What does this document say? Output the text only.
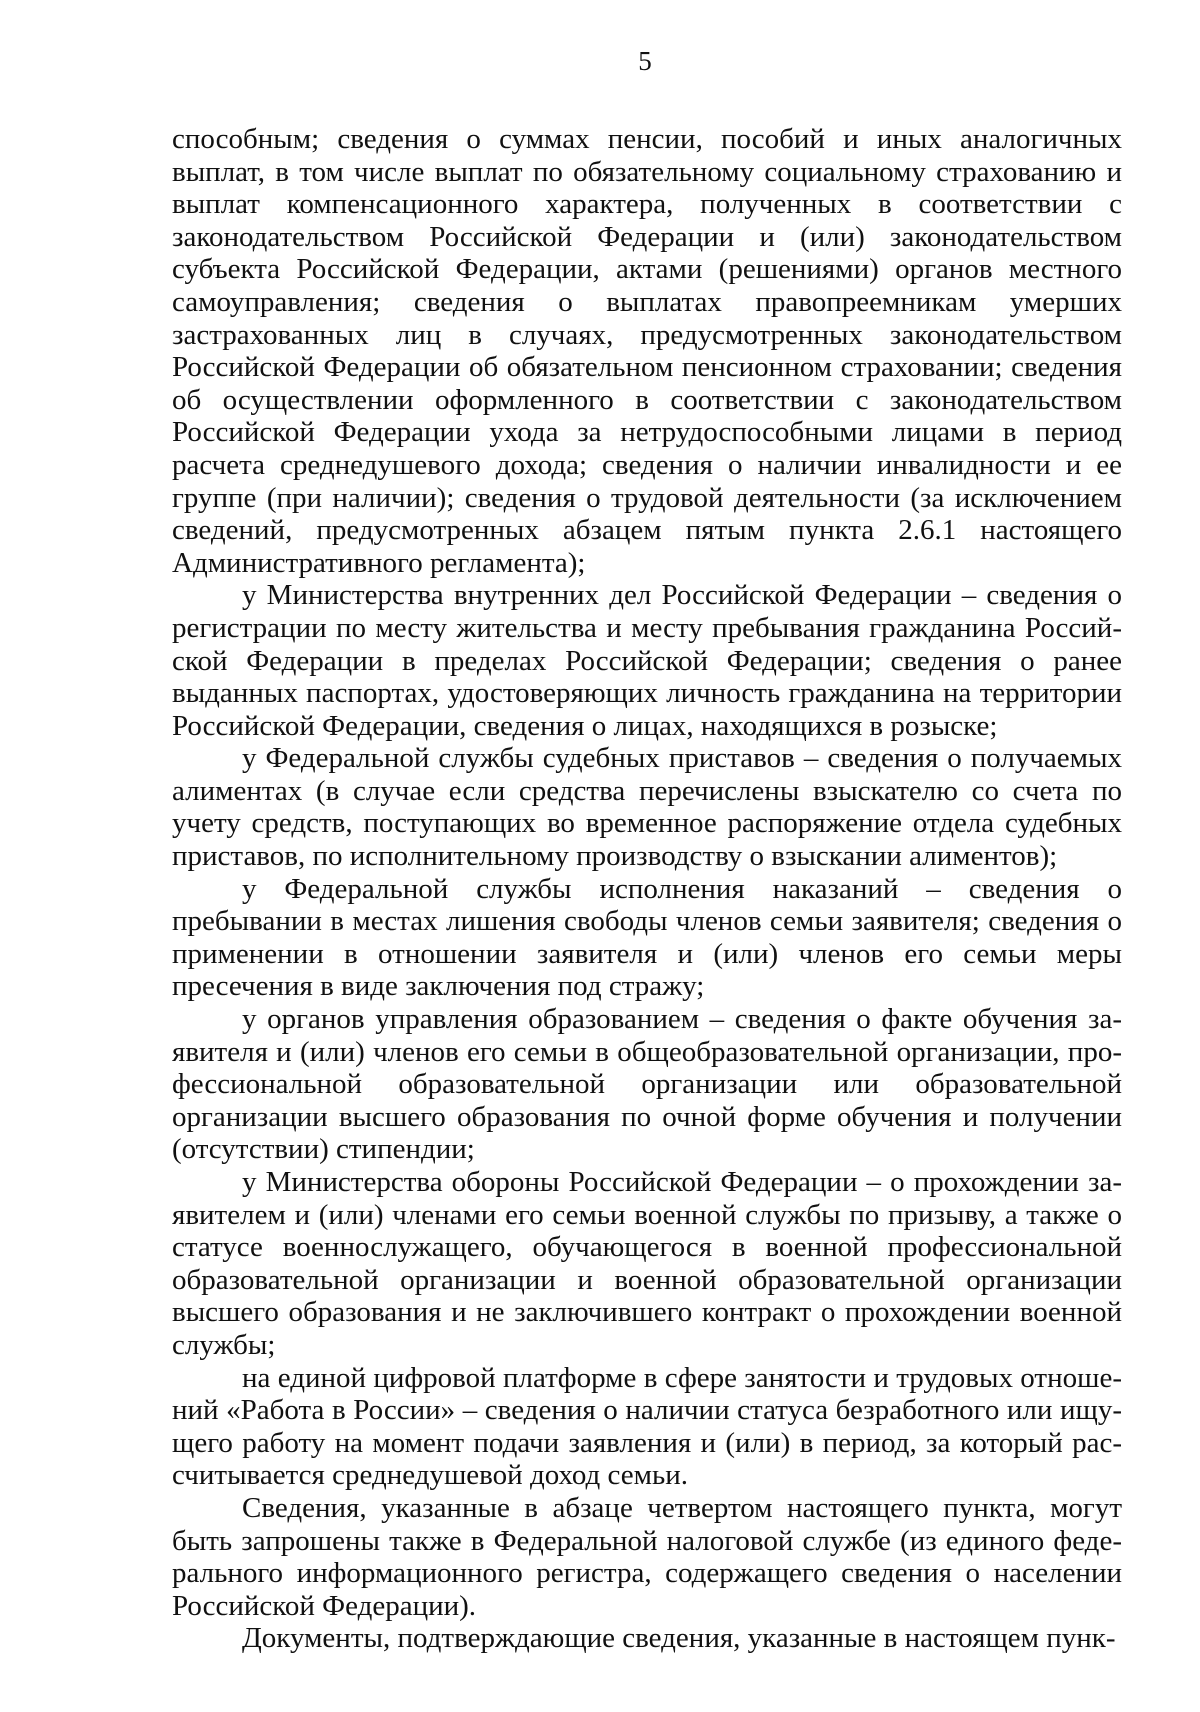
5

способным; сведения о суммах пенсии, пособий и иных аналогичных выплат, в том числе выплат по обязательному социальному страхованию и выплат компенсационного характера, полученных в соответствии с законодательством Российской Федерации и (или) законодательством субъекта Российской Федерации, актами (решениями) органов местного самоуправления; сведения о выплатах правопреемникам умерших застрахованных лиц в случаях, предусмотренных законодательством Российской Федерации об обязательном пенсионном страховании; сведения об осуществлении оформленного в соответствии с законодательством Российской Федерации ухода за нетрудоспособными лицами в период расчета среднедушевого дохода; сведения о наличии инвалидности и ее группе (при наличии); сведения о трудовой деятельности (за исключением сведений, предусмотренных абзацем пятым пункта 2.6.1 настоящего Административного регламента);

у Министерства внутренних дел Российской Федерации – сведения о регистрации по месту жительства и месту пребывания гражданина Российской Федерации в пределах Российской Федерации; сведения о ранее выданных паспортах, удостоверяющих личность гражданина на территории Российской Федерации, сведения о лицах, находящихся в розыске;

у Федеральной службы судебных приставов – сведения о получаемых алиментах (в случае если средства перечислены взыскателю со счета по учету средств, поступающих во временное распоряжение отдела судебных приставов, по исполнительному производству о взыскании алиментов);

у Федеральной службы исполнения наказаний – сведения о пребывании в местах лишения свободы членов семьи заявителя; сведения о применении в отношении заявителя и (или) членов его семьи меры пресечения в виде заключения под стражу;

у органов управления образованием – сведения о факте обучения заявителя и (или) членов его семьи в общеобразовательной организации, профессиональной образовательной организации или образовательной организации высшего образования по очной форме обучения и получении (отсутствии) стипендии;

у Министерства обороны Российской Федерации – о прохождении заявителем и (или) членами его семьи военной службы по призыву, а также о статусе военнослужащего, обучающегося в военной профессиональной образовательной организации и военной образовательной организации высшего образования и не заключившего контракт о прохождении военной службы;

на единой цифровой платформе в сфере занятости и трудовых отношений «Работа в России» – сведения о наличии статуса безработного или ищущего работу на момент подачи заявления и (или) в период, за который рассчитывается среднедушевой доход семьи.

Сведения, указанные в абзаце четвертом настоящего пункта, могут быть запрошены также в Федеральной налоговой службе (из единого федерального информационного регистра, содержащего сведения о населении Российской Федерации).

Документы, подтверждающие сведения, указанные в настоящем пунк-
